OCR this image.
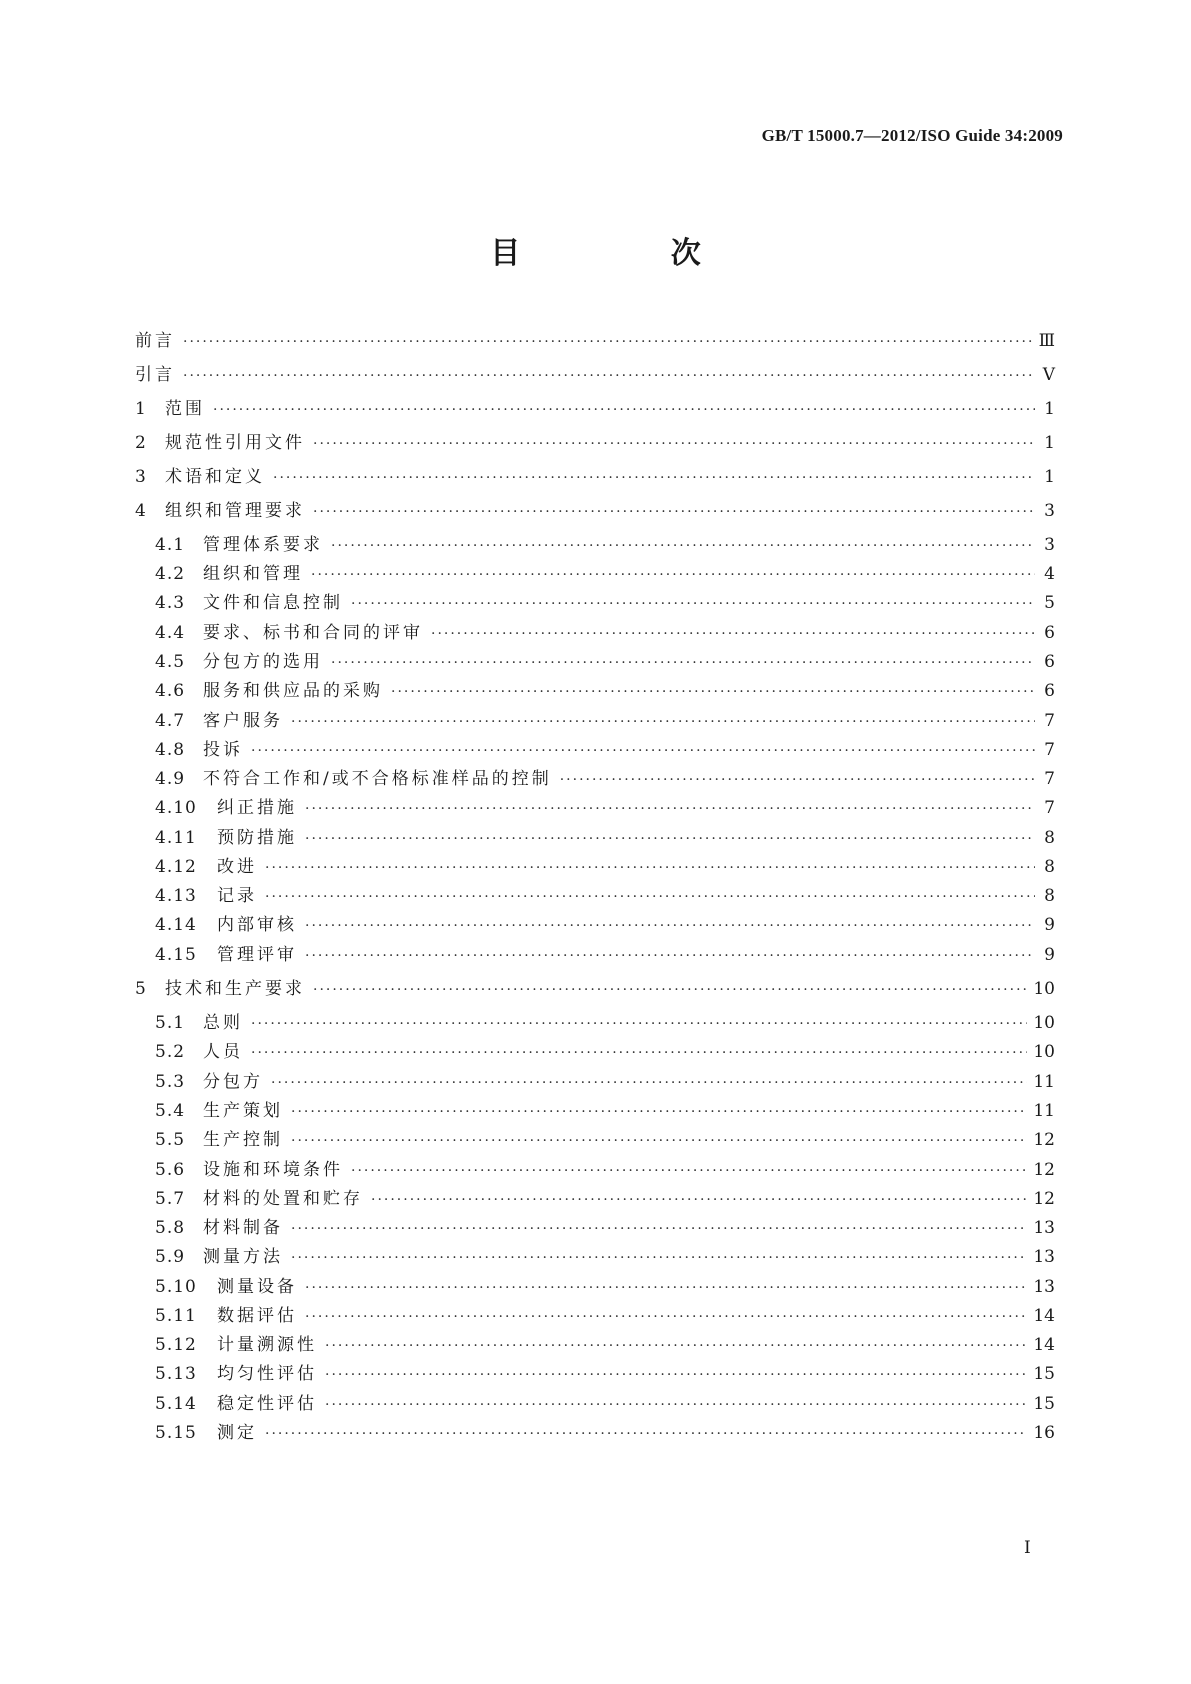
GB/T 15000.7—2012/ISO Guide 34:2009
目 次
前言 ·····	Ⅲ
引言 ·····	Ⅴ
1	范围 ·····	1
2	规范性引用文件 ·····	1
3	术语和定义 ·····	1
4	组织和管理要求 ·····	3
4.1	管理体系要求 ·····	3
4.2	组织和管理 ·····	4
4.3	文件和信息控制 ·····	5
4.4	要求、标书和合同的评审 ·····	6
4.5	分包方的选用 ·····	6
4.6	服务和供应品的采购 ·····	6
4.7	客户服务 ·····	7
4.8	投诉 ·····	7
4.9	不符合工作和/或不合格标准样品的控制 ·····	7
4.10	纠正措施 ·····	7
4.11	预防措施 ·····	8
4.12	改进 ·····	8
4.13	记录 ·····	8
4.14	内部审核 ·····	9
4.15	管理评审 ·····	9
5	技术和生产要求 ·····	10
5.1	总则 ·····	10
5.2	人员 ·····	10
5.3	分包方 ·····	11
5.4	生产策划 ·····	11
5.5	生产控制 ·····	12
5.6	设施和环境条件 ·····	12
5.7	材料的处置和贮存 ·····	12
5.8	材料制备 ·····	13
5.9	测量方法 ·····	13
5.10	测量设备 ·····	13
5.11	数据评估 ·····	14
5.12	计量溯源性 ·····	14
5.13	均匀性评估 ·····	15
5.14	稳定性评估 ·····	15
5.15	测定 ·····	16
I
